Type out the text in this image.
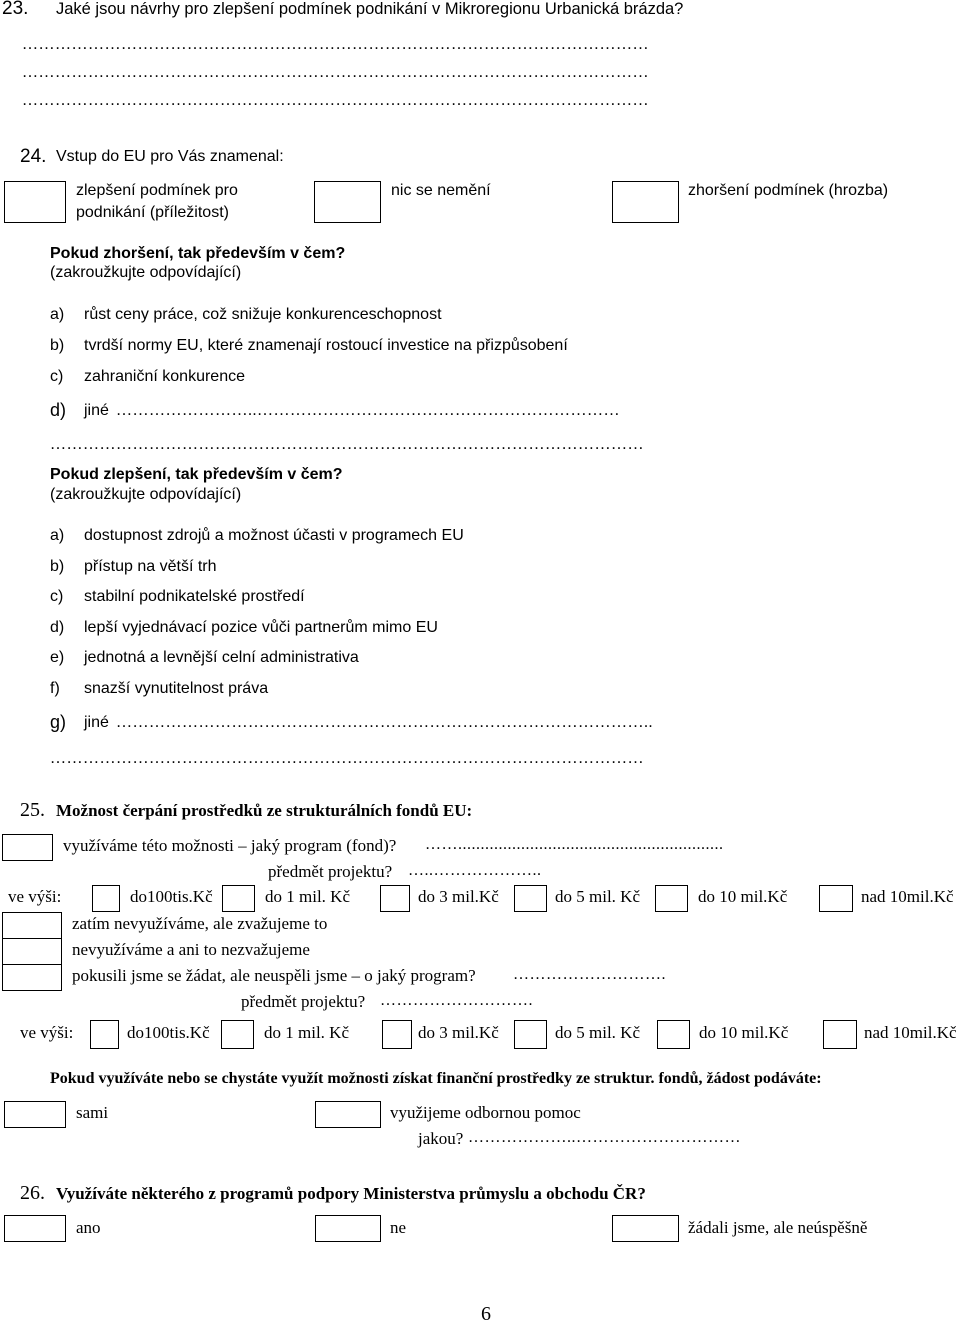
23. Jaké jsou návrhy pro zlepšení podmínek podnikání v Mikroregionu Urbanická brázda?
……………………………………………………………………………………………………
……………………………………………………………………………………………………
……………………………………………………………………………………………………
24. Vstup do EU pro Vás znamenal:
zlepšení podmínek pro
podnikání (příležitost)
nic se nemění	zhoršení podmínek (hrozba)
Pokud zhoršení, tak především v čem?
(zakroužkujte odpovídající)
a) růst ceny práce, což snižuje konkurenceschopnost
b) tvrdší normy EU, které znamenají rostoucí investice na přizpůsobení
c) zahraniční konkurence
d) jiné ……………………..…………………………………………………………
………………………………………………………………………………………………
Pokud zlepšení, tak především v čem?
(zakroužkujte odpovídající)
a) dostupnost zdrojů a možnost účasti v programech EU
b) přístup na větší trh
c) stabilní podnikatelské prostředí
d) lepší vyjednávací pozice vůči partnerům mimo EU
e) jednotná a levnější celní administrativa
f) snazší vynutitelnost práva
g) jiné ……………………………………………………………………………………..
………………………………………………………………………………………………
25. Možnost čerpání prostředků ze strukturálních fondů EU:
využíváme této možnosti – jaký program (fond)? ……...........................................................
předmět projektu? …..………………..
ve výši:	do100tis.Kč	do 1 mil. Kč	do 3 mil.Kč	do 5 mil. Kč	do 10 mil.Kč	nad 10mil.Kč
zatím nevyužíváme, ale zvažujeme to
nevyužíváme a ani to nezvažujeme
pokusili jsme se žádat, ale neuspěli jsme – o jaký program? ……………………….
předmět projektu? ……………………….
ve výši:	do100tis.Kč	do 1 mil. Kč	do 3 mil.Kč	do 5 mil. Kč	do 10 mil.Kč	nad 10mil.Kč
Pokud využíváte nebo se chystáte využít možnosti získat finanční prostředky ze struktur. fondů, žádost podáváte:
sami	využijeme odbornou pomoc
jakou? ………………..…………………………
26. Využíváte některého z programů podpory Ministerstva průmyslu a obchodu ČR?
ano	ne	žádali jsme, ale neúspěšně
6
